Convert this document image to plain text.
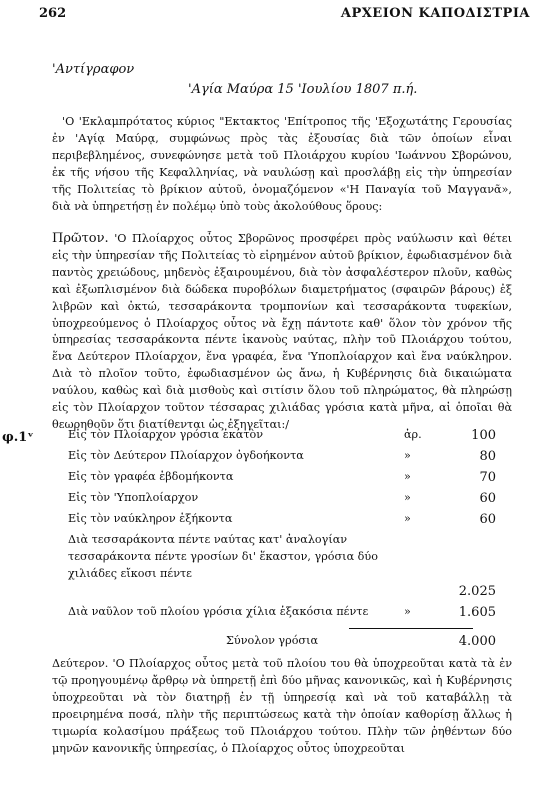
262	ΑΡΧΕΙΟΝ ΚΑΠΟΔΙΣΤΡΙΑ
'Αντίγραφον
'Αγία Μαύρα 15 'Ιουλίου 1807 π.ή.

'Ο 'Εκλαμπρότατος κύριος "Εκτακτος 'Επίτροπος τῆς 'Εξοχωτάτης Γερουσίας ἐν 'Αγίᾳ Μαύρᾳ, συμφώνως πρὸς τὰς ἐξουσίας διὰ τῶν ὁποίων εἶναι περιβεβλημένος, συνεφώνησε μετὰ τοῦ Πλοιάρχου κυρίου 'Ιωάννου Σβορώνου, ἐκ τῆς νήσου τῆς Κεφαλληνίας, νὰ ναυλώσῃ καὶ προσλάβῃ εἰς τὴν ὑπηρεσίαν τῆς Πολιτείας τὸ βρίκιον αὐτοῦ, ὀνομαζόμενον «'Η Παναγία τοῦ Μαγγανᾶ», διὰ νὰ ὑπηρετήσῃ ἐν πολέμῳ ὑπὸ τοὺς ἀκολούθους ὅρους:

Πρῶτον. 'Ο Πλοίαρχος οὗτος Σβορῶνος προσφέρει πρὸς ναύλωσιν καὶ θέτει εἰς τὴν ὑπηρεσίαν τῆς Πολιτείας τὸ εἰρημένον αὐτοῦ βρίκιον, ἐφωδιασμένον διὰ παντὸς χρειώδους, μηδενὸς ἐξαιρουμένου, διὰ τὸν ἀσφαλέστερον πλοῦν, καθὼς καὶ ἐξωπλισμένον διὰ δώδεκα πυροβόλων διαμετρήματος (σφαιρῶν βάρους) ἐξ λιβρῶν καὶ ὀκτώ, τεσσαράκοντα τρομπονίων καὶ τεσσαράκοντα τυφεκίων, ὑποχρεούμενος ὁ Πλοίαρχος οὗτος νὰ ἔχῃ πάντοτε καθ' ὅλον τὸν χρόνον τῆς ὑπηρεσίας τεσσαράκοντα πέντε ἱκανοὺς ναύτας, πλὴν τοῦ Πλοιάρχου τούτου, ἕνα Δεύτερον Πλοίαρχον, ἕνα γραφέα, ἕνα 'Υποπλοίαρχον καὶ ἕνα ναύκληρον. Διὰ τὸ πλοῖον τοῦτο, ἐφωδιασμένον ὡς ἄνω, ἡ Κυβέρνησις διὰ δικαιώματα ναύλου, καθὼς καὶ διὰ μισθοὺς καὶ σιτίσιν ὅλου τοῦ πληρώματος, θὰ πληρώσῃ εἰς τὸν Πλοίαρχον τοῦτον τέσσαρας χιλιάδας γρόσια κατὰ μῆνα, αἱ ὁποῖαι θὰ θεωρηθοῦν ὅτι διατίθενται ὡς ἐξηγεῖται:/

φ.1ᵛ	Εἰς τὸν Πλοίαρχον γρόσια ἑκατὸν	ἀρ.	100
Εἰς τὸν Δεύτερον Πλοίαρχον ὀγδοήκοντα	»	80
Εἰς τὸν γραφέα ἑβδομήκοντα	»	70
Εἰς τὸν 'Υποπλοίαρχον	»	60
Εἰς τὸν ναύκληρον ἑξήκοντα	»	60
Διὰ τεσσαράκοντα πέντε ναύτας κατ' ἀναλογίαν τεσσαράκοντα πέντε γροσίων δι' ἕκαστον, γρόσια δύο χιλιάδες εἴκοσι πέντε
2.025
Διὰ ναῦλον τοῦ πλοίου γρόσια χίλια ἑξακόσια πέντε	»	1.605
Σύνολον γρόσια	4.000

Δεύτερον. 'Ο Πλοίαρχος οὗτος μετὰ τοῦ πλοίου του θὰ ὑποχρεοῦται κατὰ τὰ ἐν τῷ προηγουμένῳ ἄρθρῳ νὰ ὑπηρετῇ ἐπὶ δύο μῆνας κανονικῶς, καὶ ἡ Κυβέρνησις ὑποχρεοῦται νὰ τὸν διατηρῇ ἐν τῇ ὑπηρεσίᾳ καὶ νὰ τοῦ καταβάλλῃ τὰ προειρημένα ποσά, πλὴν τῆς περιπτώσεως κατὰ τὴν ὁποίαν καθορίσῃ ἄλλως ἡ τιμωρία κολασίμου πράξεως τοῦ Πλοιάρχου τούτου. Πλὴν τῶν ῥηθέντων δύο μηνῶν κανονικῆς ὑπηρεσίας, ὁ Πλοίαρχος οὗτος ὑποχρεοῦται
